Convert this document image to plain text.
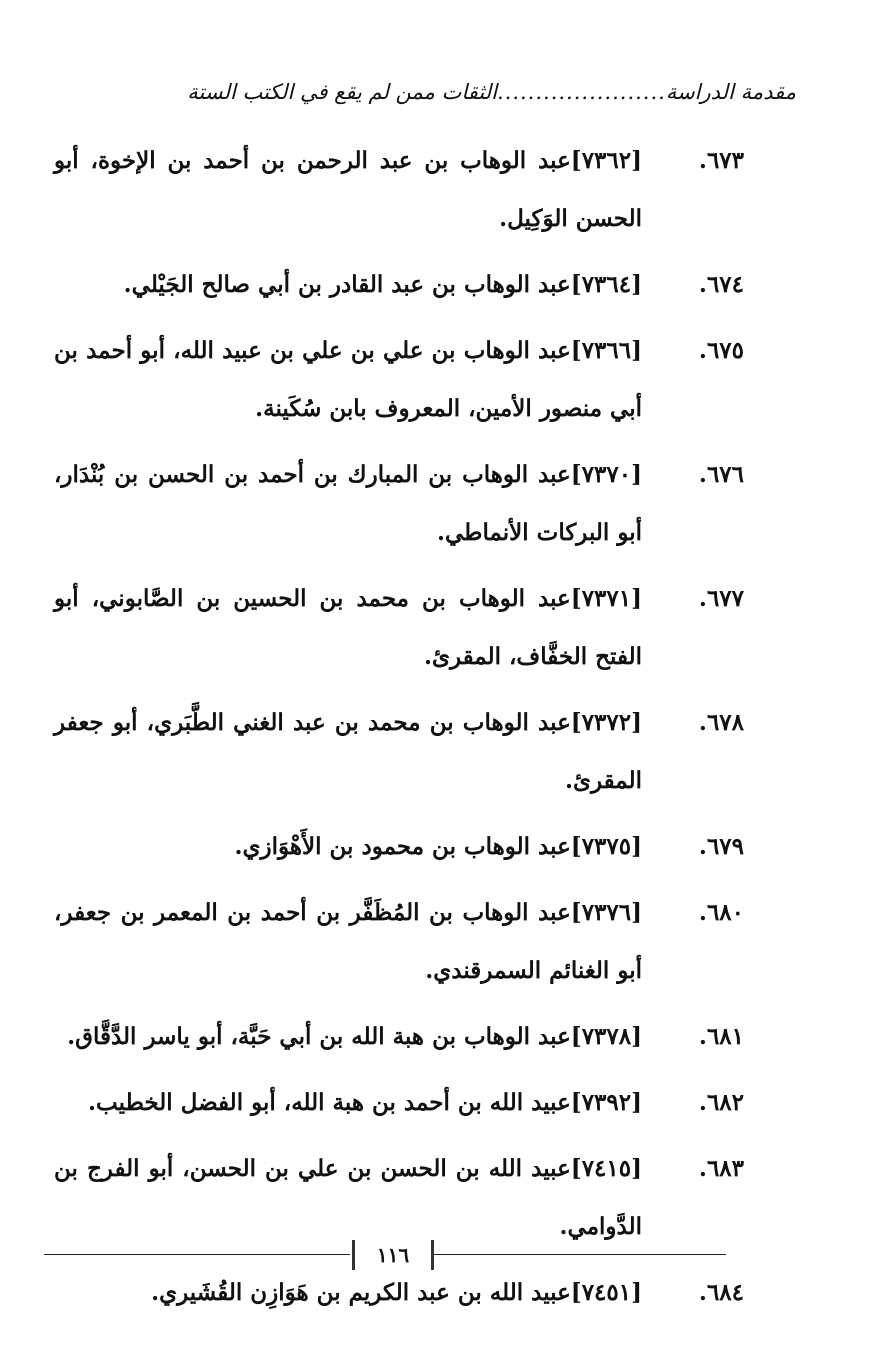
مقدمة الدراسة
......................
الثقات ممن لم يقع في الكتب الستة
٦٧٣.
[٧٣٦٢]عبد الوهاب بن عبد الرحمن بن أحمد بن الإخوة، أبو الحسن الوَكِيل.
٦٧٤.
[٧٣٦٤]عبد الوهاب بن عبد القادر بن أبي صالح الجَيْلي.
٦٧٥.
[٧٣٦٦]عبد الوهاب بن علي بن علي بن عبيد الله، أبو أحمد بن أبي منصور الأمين، المعروف بابن سُكَينة.
٦٧٦.
[٧٣٧٠]عبد الوهاب بن المبارك بن أحمد بن الحسن بن بُنْدَار، أبو البركات الأنماطي.
٦٧٧.
[٧٣٧١]عبد الوهاب بن محمد بن الحسين بن الصَّابوني، أبو الفتح الخفَّاف، المقرئ.
٦٧٨.
[٧٣٧٢]عبد الوهاب بن محمد بن عبد الغني الطَّبَري، أبو جعفر المقرئ.
٦٧٩.
[٧٣٧٥]عبد الوهاب بن محمود بن الأَهْوَازي.
٦٨٠.
[٧٣٧٦]عبد الوهاب بن المُظَفَّر بن أحمد بن المعمر بن جعفر، أبو الغنائم السمرقندي.
٦٨١.
[٧٣٧٨]عبد الوهاب بن هبة الله بن أبي حَبَّة، أبو ياسر الدَّقَّاق.
٦٨٢.
[٧٣٩٢]عبيد الله بن أحمد بن هبة الله، أبو الفضل الخطيب.
٦٨٣.
[٧٤١٥]عبيد الله بن الحسن بن علي بن الحسن، أبو الفرج بن الدَّوامي.
٦٨٤.
[٧٤٥١]عبيد الله بن عبد الكريم بن هَوَازِن القُشَيري.
١١٦
